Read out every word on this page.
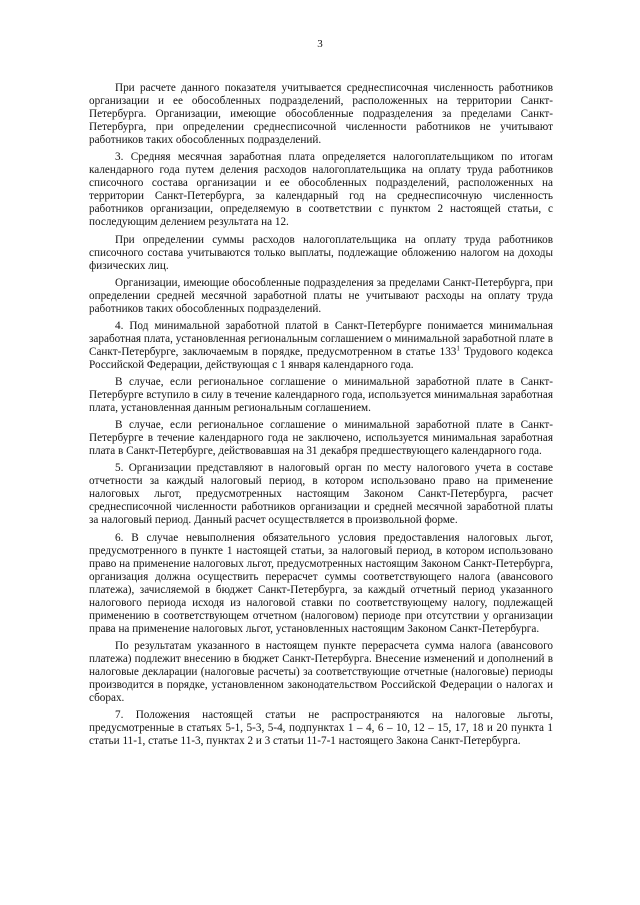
3

При расчете данного показателя учитывается среднесписочная численность работников организации и ее обособленных подразделений, расположенных на территории Санкт-Петербурга. Организации, имеющие обособленные подразделения за пределами Санкт-Петербурга, при определении среднесписочной численности работников не учитывают работников таких обособленных подразделений.

3. Средняя месячная заработная плата определяется налогоплательщиком по итогам календарного года путем деления расходов налогоплательщика на оплату труда работников списочного состава организации и ее обособленных подразделений, расположенных на территории Санкт-Петербурга, за календарный год на среднесписочную численность работников организации, определяемую в соответствии с пунктом 2 настоящей статьи, с последующим делением результата на 12.

При определении суммы расходов налогоплательщика на оплату труда работников списочного состава учитываются только выплаты, подлежащие обложению налогом на доходы физических лиц.

Организации, имеющие обособленные подразделения за пределами Санкт-Петербурга, при определении средней месячной заработной платы не учитывают расходы на оплату труда работников таких обособленных подразделений.

4. Под минимальной заработной платой в Санкт-Петербурге понимается минимальная заработная плата, установленная региональным соглашением о минимальной заработной плате в Санкт-Петербурге, заключаемым в порядке, предусмотренном в статье $133^1$ Трудового кодекса Российской Федерации, действующая с 1 января календарного года.

В случае, если региональное соглашение о минимальной заработной плате в Санкт-Петербурге вступило в силу в течение календарного года, используется минимальная заработная плата, установленная данным региональным соглашением.

В случае, если региональное соглашение о минимальной заработной плате в Санкт-Петербурге в течение календарного года не заключено, используется минимальная заработная плата в Санкт-Петербурге, действовавшая на 31 декабря предшествующего календарного года.

5. Организации представляют в налоговый орган по месту налогового учета в составе отчетности за каждый налоговый период, в котором использовано право на применение налоговых льгот, предусмотренных настоящим Законом Санкт-Петербурга, расчет среднесписочной численности работников организации и средней месячной заработной платы за налоговый период. Данный расчет осуществляется в произвольной форме.

6. В случае невыполнения обязательного условия предоставления налоговых льгот, предусмотренного в пункте 1 настоящей статьи, за налоговый период, в котором использовано право на применение налоговых льгот, предусмотренных настоящим Законом Санкт-Петербурга, организация должна осуществить перерасчет суммы соответствующего налога (авансового платежа), зачисляемой в бюджет Санкт-Петербурга, за каждый отчетный период указанного налогового периода исходя из налоговой ставки по соответствующему налогу, подлежащей применению в соответствующем отчетном (налоговом) периоде при отсутствии у организации права на применение налоговых льгот, установленных настоящим Законом Санкт-Петербурга.

По результатам указанного в настоящем пункте перерасчета сумма налога (авансового платежа) подлежит внесению в бюджет Санкт-Петербурга. Внесение изменений и дополнений в налоговые декларации (налоговые расчеты) за соответствующие отчетные (налоговые) периоды производится в порядке, установленном законодательством Российской Федерации о налогах и сборах.

7. Положения настоящей статьи не распространяются на налоговые льготы, предусмотренные в статьях 5-1, 5-3, 5-4, подпунктах 1 – 4, 6 – 10, 12 – 15, 17, 18 и 20 пункта 1 статьи 11-1, статье 11-3, пунктах 2 и 3 статьи 11-7-1 настоящего Закона Санкт-Петербурга.
